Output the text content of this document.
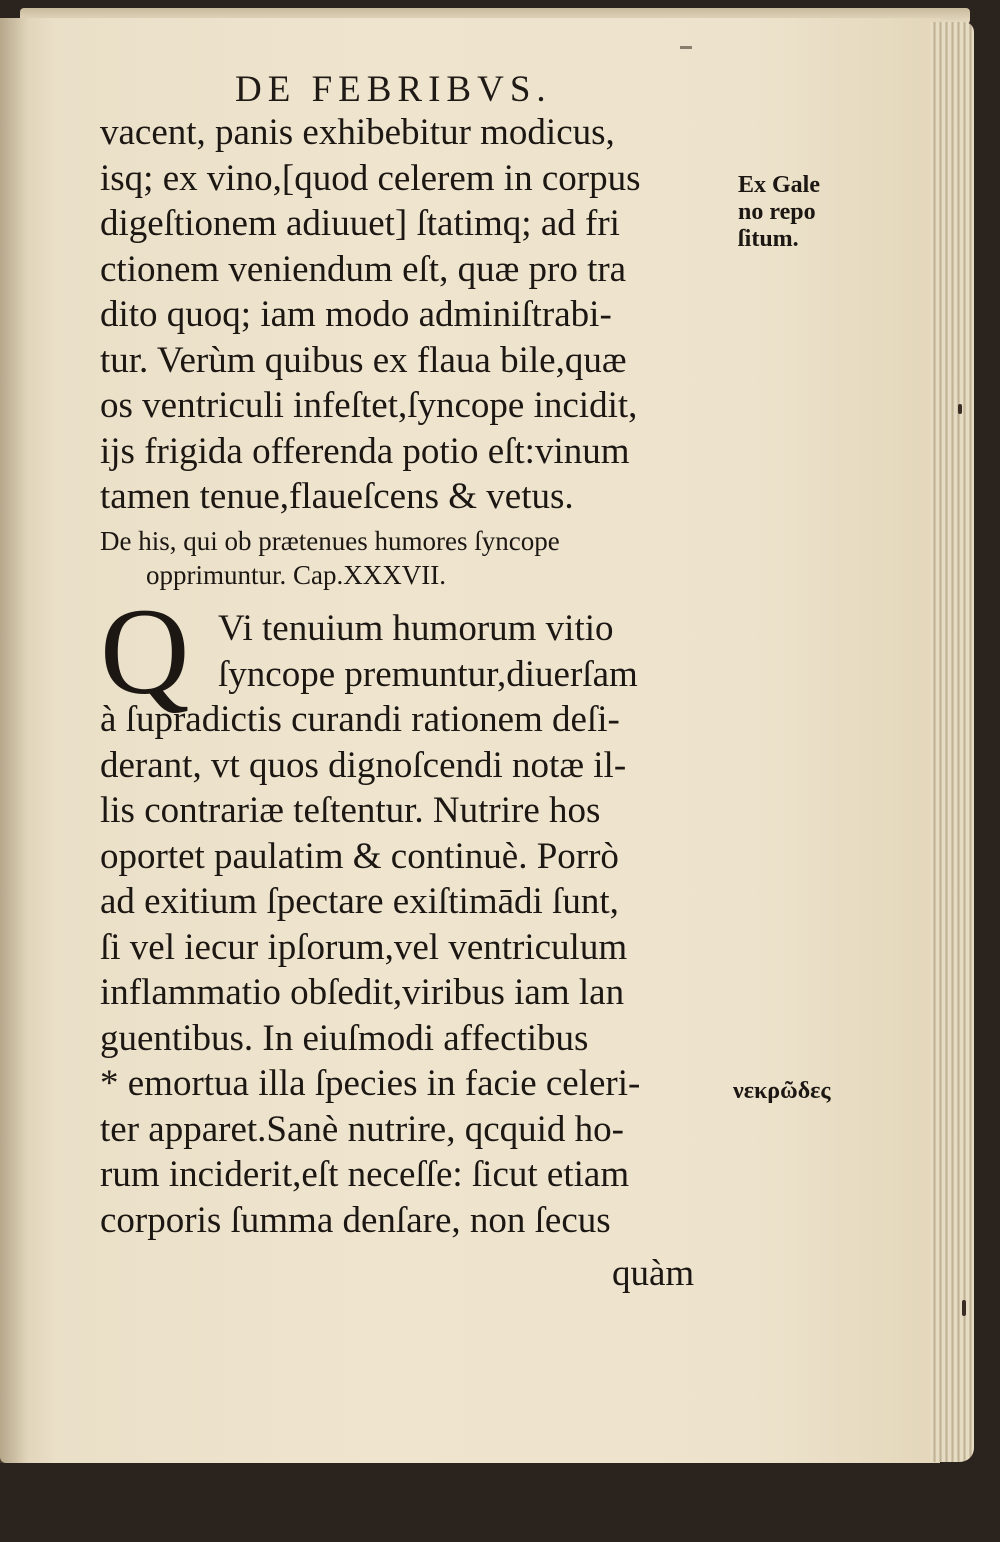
DE FEBRIBVS.
vacent, panis exhibebitur modicus,
isq; ex vino,[quod celerem in corpus
digeſtionem adiuuet] ſtatimq; ad fri
ctionem veniendum eſt, quæ pro tra
dito quoq; iam modo adminiſtrabi-
tur. Verùm quibus ex flaua bile,quæ
os ventriculi infeſtet,ſyncope incidit,
ijs frigida offerenda potio eſt:vinum
tamen tenue,flaueſcens & vetus.
De his, qui ob prætenues humores ſyncope
opprimuntur. Cap.XXXVII.
Q Vi tenuium humorum vitio
ſyncope premuntur,diuerſam
à ſupradictis curandi rationem deſi-
derant, vt quos dignoſcendi notæ il-
lis contrariæ teſtentur. Nutrire hos
oportet paulatim & continuè. Porrò
ad exitium ſpectare exiſtimādi ſunt,
ſi vel iecur ipſorum,vel ventriculum
inflammatio obſedit,viribus iam lan
guentibus. In eiuſmodi affectibus
* emortua illa ſpecies in facie celeri-
ter apparet.Sanè nutrire, qcquid ho-
rum inciderit,eſt neceſſe: ſicut etiam
corporis ſumma denſare, non ſecus
quàm
Ex Gale
no repo
ſitum.
νεκρῶδες
